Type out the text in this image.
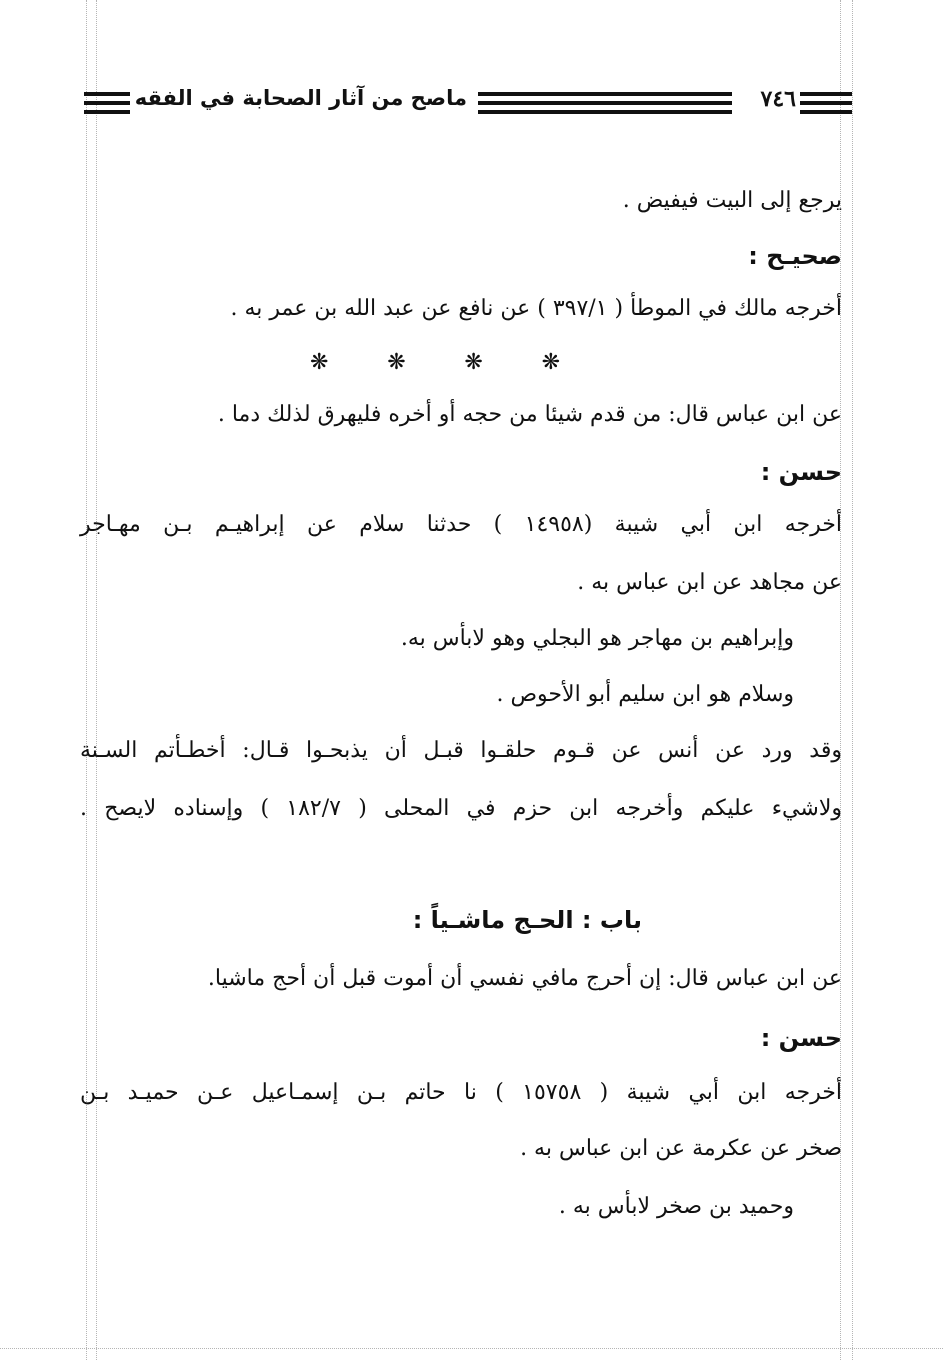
ماصح من آثار الصحابة في الفقه	٧٤٦
يرجع إلى البيت فيفيض .
صحيـح :
أخرجه مالك في الموطأ ( ٣٩٧/١ ) عن نافع عن عبد الله بن عمر به .
❋
❋
❋
❋
عن ابن عباس قال: من قدم شيئا من حجه أو أخره فليهرق لذلك دما .
حسن :
أخرجه ابن أبي شيبة (١٤٩٥٨ ) حدثنا سلام عن إبراهيـم بـن مهـاجر
عن مجاهد عن ابن عباس به .
وإبراهيم بن مهاجر هو البجلي وهو لابأس به.
وسلام هو ابن سليم أبو الأحوص .
وقد ورد عن أنس عن قـوم حلقـوا قبـل أن يذبحـوا قـال: أخطـأتم السـنة
ولاشيء عليكم وأخرجه ابن حزم في المحلى ( ١٨٢/٧ ) وإسناده لايصح .
باب : الحـج ماشـياً :
عن ابن عباس قال: إن أحرج مافي نفسي أن أموت قبل أن أحج ماشيا.
حسن :
أخرجه ابن أبي شيبة ( ١٥٧٥٨ ) نا حاتم بـن إسمـاعيل عـن حميـد بـن
صخر عن عكرمة عن ابن عباس به .
وحميد بن صخر لابأس به .
